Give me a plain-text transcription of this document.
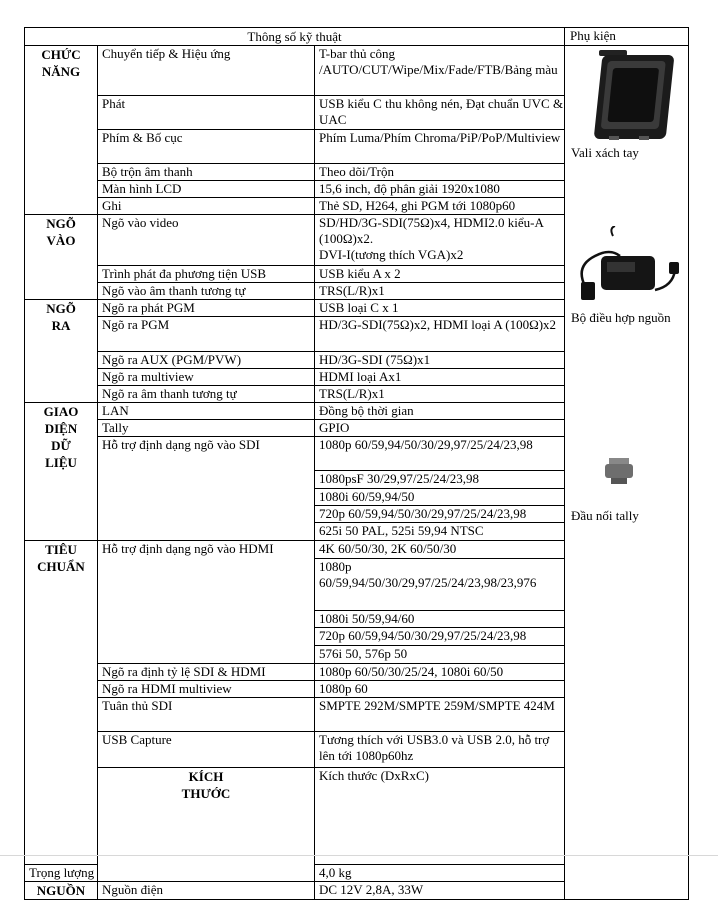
Thông số kỹ thuật			Phụ kiện	

CHỨC NĂNG	Chuyển tiếp & Hiệu ứng	T-bar thủ công /AUTO/CUT/Wipe/Mix/Fade/FTB/Bảng màu	Vali xách tay
Bộ điều hợp nguồn
Đầu nối tally	

	Phát	USB kiểu C thu không nén, Đạt chuẩn UVC & UAC		
	Phím & Bố cục	Phím Luma/Phím Chroma/PiP/PoP/Multiview		
	Bộ trộn âm thanh	Theo dõi/Trộn		
	Màn hình LCD	15,6 inch, độ phân giải 1920x1080		
	Ghi	Thẻ SD, H264, ghi PGM tới 1080p60		

NGÕ VÀO	Ngõ vào video	SD/HD/3G-SDI(75Ω)x4, HDMI2.0 kiểu-A (100Ω)x2.
DVI-I(tương thích VGA)x2		
	Trình phát đa phương tiện USB	USB kiểu A x 2		
	Ngõ vào âm thanh tương tự	TRS(L/R)x1		

NGÕ RA	Ngõ ra phát PGM	USB loại C x 1		
	Ngõ ra PGM	HD/3G-SDI(75Ω)x2, HDMI loại A (100Ω)x2		
	Ngõ ra AUX (PGM/PVW)	HD/3G-SDI (75Ω)x1		
	Ngõ ra multiview	HDMI loại Ax1		
	Ngõ ra âm thanh tương tự	TRS(L/R)x1		

GIAO DIỆN DỮ LIỆU	LAN	Đồng bộ thời gian		
	Tally	GPIO		
	Hỗ trợ định dạng ngõ vào SDI	1080p 60/59,94/50/30/29,97/25/24/23,98		
		1080psF 30/29,97/25/24/23,98		
		1080i 60/59,94/50		
		720p 60/59,94/50/30/29,97/25/24/23,98		
		625i 50 PAL, 525i 59,94 NTSC		

TIÊU CHUẨN	Hỗ trợ định dạng ngõ vào HDMI	4K 60/50/30, 2K 60/50/30		
		1080p 60/59,94/50/30/29,97/25/24/23,98/23,976		
		1080i 50/59,94/60		
		720p 60/59,94/50/30/29,97/25/24/23,98		
		576i 50, 576p 50		
	Ngõ ra định tỷ lệ SDI & HDMI	1080p 60/50/30/25/24, 1080i 60/50		
	Ngõ ra HDMI multiview	1080p 60		
	Tuân thủ SDI	SMPTE 292M/SMPTE 259M/SMPTE 424M		
	USB Capture	Tương thích với USB3.0 và USB 2.0, hỗ trợ lên tới 1080p60hz		

	KÍCH THƯỚC	Kích thước (DxRxC)	
Trọng lượng		4,0 kg		
NGUỒN	Nguồn điện	DC 12V 2,8A, 33W		
